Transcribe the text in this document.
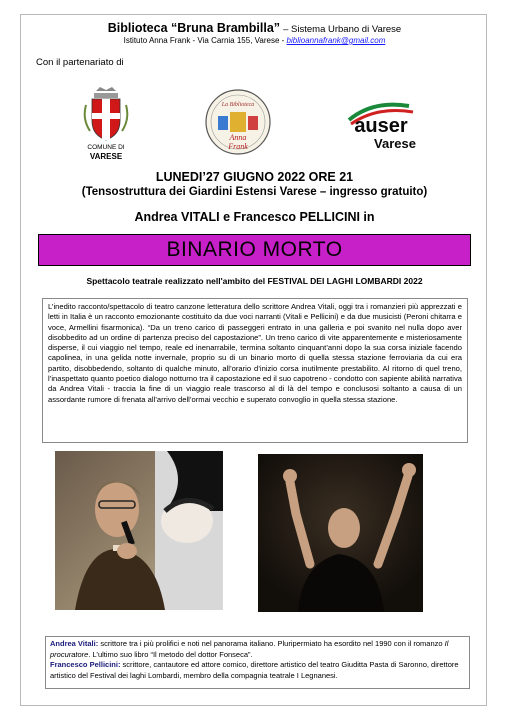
Biblioteca “Bruna Brambilla” – Sistema Urbano di Varese
Istituto Anna Frank - Via Carnia 155, Varese - biblioannafrank@gmail.com
Con il partenariato di
COMUNE DI
VARESE
La Biblioteca
Anna
Frank
auser
Varese
LUNEDI’27 GIUGNO 2022 ORE 21
(Tensostruttura dei Giardini Estensi Varese – ingresso gratuito)
Andrea VITALI e Francesco PELLICINI in
BINARIO MORTO
Spettacolo teatrale realizzato nell'ambito del FESTIVAL DEI LAGHI LOMBARDI 2022
L’inedito racconto/spettacolo di teatro canzone letteratura dello scrittore Andrea Vitali, oggi tra i romanzieri più apprezzati e letti in Italia è un racconto emozionante costituito da due voci narranti (Vitali e Pellicini) e da due musicisti (Peroni chitarra e voce, Armellini fisarmonica). “Da un treno carico di passeggeri entrato in una galleria e poi svanito nel nulla dopo aver disobbedito ad un ordine di partenza preciso del capostazione”. Un treno carico di vite apparentemente e misteriosamente disperse, il cui viaggio nel tempo, reale ed inenarrabile, termina soltanto cinquant’anni dopo la sua corsa iniziale facendo capolinea, in una gelida notte invernale, proprio su di un binario morto di quella stessa stazione ferroviaria da cui era partito, disobbedendo, soltanto di qualche minuto, all’orario d’inizio corsa inutilmente prestabilito. Al ritorno di quel treno, l’inaspettato quanto poetico dialogo notturno tra il capostazione ed il suo capotreno - condotto con sapiente abilità narrativa da Andrea Vitali - traccia la fine di un viaggio reale trascorso al di là del tempo e conclusosi soltanto a causa di un assordante rumore di frenata all’arrivo dell’ormai vecchio e superato convoglio in quella stessa stazione.
Andrea Vitali: scrittore tra i più prolifici e noti nel panorama italiano. Pluripermiato ha esordito nel 1990 con il romanzo Il procuratore. L’ultimo suo libro “Il metodo del dottor Fonseca”.
Francesco Pellicini: scrittore, cantautore ed attore comico, direttore artistico del teatro Giuditta Pasta di Saronno, direttore artistico del Festival dei laghi Lombardi, membro della compagnia teatrale I Legnanesi.
